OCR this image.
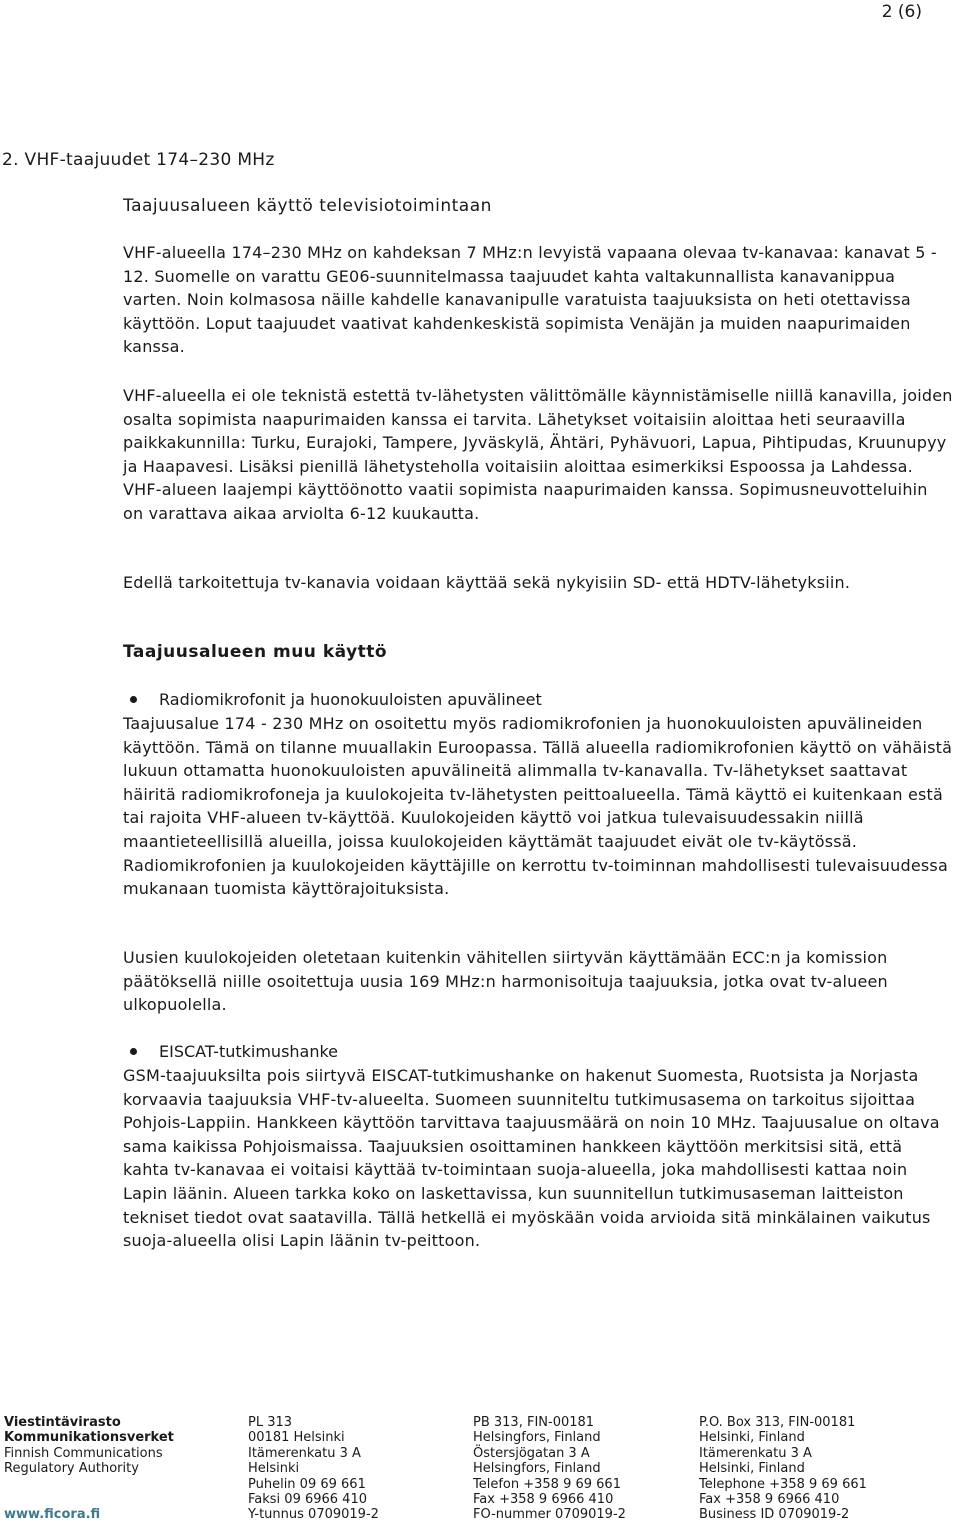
2 (6)
2. VHF-taajuudet 174–230 MHz
Taajuusalueen käyttö televisiotoimintaan

VHF-alueella 174–230 MHz on kahdeksan 7 MHz:n levyistä vapaana olevaa tv-kanavaa: kanavat 5 - 12. Suomelle on varattu GE06-suunnitelmassa taajuudet kahta valtakunnallista kanavanippua varten. Noin kolmasosa näille kahdelle kanavanipulle varatuista taajuuksista on heti otettavissa käyttöön. Loput taajuudet vaativat kahdenkeskistä sopimista Venäjän ja muiden naapurimaiden kanssa.

VHF-alueella ei ole teknistä estettä tv-lähetysten välittömälle käynnistämiselle niillä kanavilla, joiden osalta sopimista naapurimaiden kanssa ei tarvita. Lähetykset voitaisiin aloittaa heti seuraavilla paikkakunnilla: Turku, Eurajoki, Tampere, Jyväskylä, Ähtäri, Pyhävuori, Lapua, Pihtipudas, Kruunupyy ja Haapavesi. Lisäksi pienillä lähetysteholla voitaisiin aloittaa esimerkiksi Espoossa ja Lahdessa. VHF-alueen laajempi käyttöönotto vaatii sopimista naapurimaiden kanssa. Sopimusneuvotteluihin on varattava aikaa arviolta 6-12 kuukautta.

Edellä tarkoitettuja tv-kanavia voidaan käyttää sekä nykyisiin SD- että HDTV-lähetyksiin.

Taajuusalueen muu käyttö
Radiomikrofonit ja huonokuuloisten apuvälineet

Taajuusalue 174 - 230 MHz on osoitettu myös radiomikrofonien ja huonokuuloisten apuvälineiden käyttöön. Tämä on tilanne muuallakin Euroopassa. Tällä alueella radiomikrofonien käyttö on vähäistä lukuun ottamatta huonokuuloisten apuvälineitä alimmalla tv-kanavalla. Tv-lähetykset saattavat häiritä radiomikrofoneja ja kuulokojeita tv-lähetysten peittoalueella. Tämä käyttö ei kuitenkaan estä tai rajoita VHF-alueen tv-käyttöä. Kuulokojeiden käyttö voi jatkua tulevaisuudessakin niillä maantieteellisillä alueilla, joissa kuulokojeiden käyttämät taajuudet eivät ole tv-käytössä. Radiomikrofonien ja kuulokojeiden käyttäjille on kerrottu tv-toiminnan mahdollisesti tulevaisuudessa mukanaan tuomista käyttörajoituksista.

Uusien kuulokojeiden oletetaan kuitenkin vähitellen siirtyvän käyttämään ECC:n ja komission päätöksellä niille osoitettuja uusia 169 MHz:n harmonisoituja taajuuksia, jotka ovat tv-alueen ulkopuolella.

EISCAT-tutkimushanke

GSM-taajuuksilta pois siirtyvä EISCAT-tutkimushanke on hakenut Suomesta, Ruotsista ja Norjasta korvaavia taajuuksia VHF-tv-alueelta. Suomeen suunniteltu tutkimusasema on tarkoitus sijoittaa Pohjois-Lappiin. Hankkeen käyttöön tarvittava taajuusmäärä on noin 10 MHz. Taajuusalue on oltava sama kaikissa Pohjoismaissa. Taajuuksien osoittaminen hankkeen käyttöön merkitsisi sitä, että kahta tv-kanavaa ei voitaisi käyttää tv-toimintaan suoja-alueella, joka mahdollisesti kattaa noin Lapin läänin. Alueen tarkka koko on laskettavissa, kun suunnitellun tutkimusaseman laitteiston tekniset tiedot ovat saatavilla. Tällä hetkellä ei myöskään voida arvioida sitä minkälainen vaikutus suoja-alueella olisi Lapin läänin tv-peittoon.

Viestintävirasto
Kommunikationsverket
Finnish Communications
Regulatory Authority

www.ficora.fi
PL 313
00181 Helsinki
Itämerenkatu 3 A
Helsinki
Puhelin 09 69 661
Faksi 09 6966 410
Y-tunnus 0709019-2
PB 313, FIN-00181
Helsingfors, Finland
Östersjögatan 3 A
Helsingfors, Finland
Telefon +358 9 69 661
Fax +358 9 6966 410
FO-nummer 0709019-2
P.O. Box 313, FIN-00181
Helsinki, Finland
Itämerenkatu 3 A
Helsinki, Finland
Telephone +358 9 69 661
Fax +358 9 6966 410
Business ID 0709019-2
